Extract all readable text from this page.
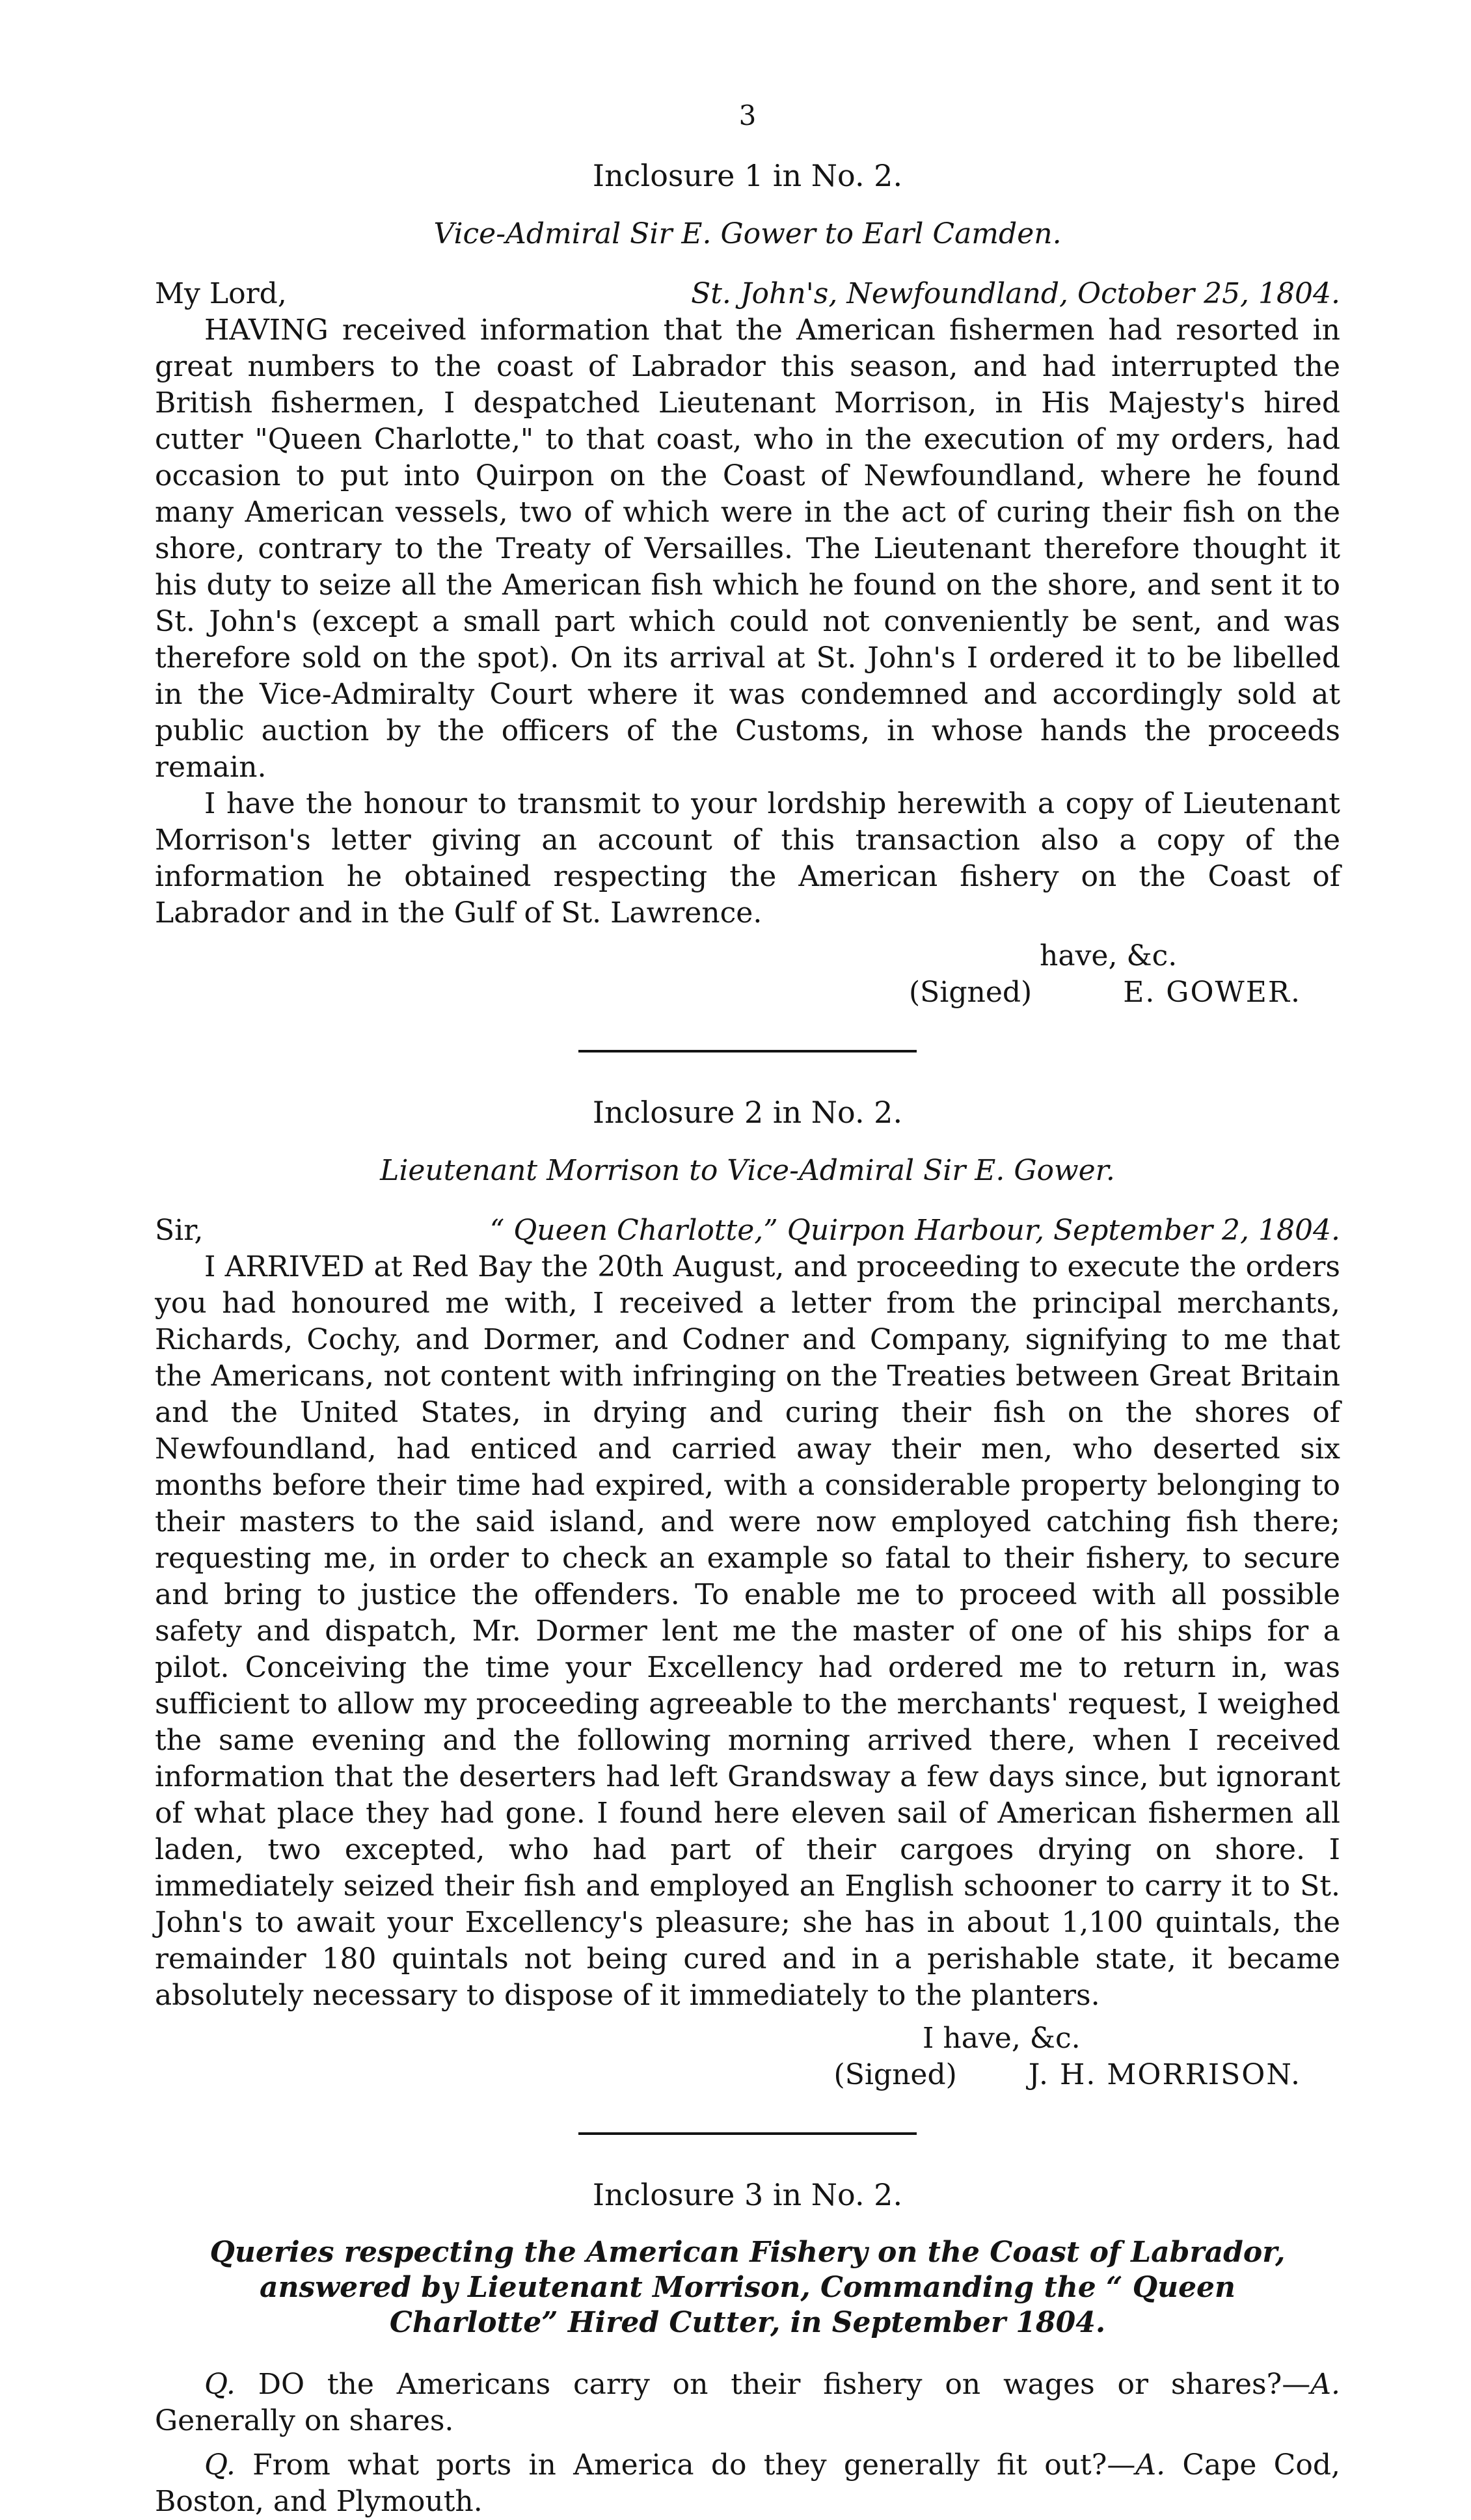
3
Inclosure 1 in No. 2.
Vice-Admiral Sir E. Gower to Earl Camden.
My Lord,	St. John's, Newfoundland, October 25, 1804.

HAVING received information that the American fishermen had resorted in great numbers to the coast of Labrador this season, and had interrupted the British fishermen, I despatched Lieutenant Morrison, in His Majesty's hired cutter "Queen Charlotte," to that coast, who in the execution of my orders, had occasion to put into Quirpon on the Coast of Newfoundland, where he found many American vessels, two of which were in the act of curing their fish on the shore, contrary to the Treaty of Versailles. The Lieutenant therefore thought it his duty to seize all the American fish which he found on the shore, and sent it to St. John's (except a small part which could not conveniently be sent, and was therefore sold on the spot). On its arrival at St. John's I ordered it to be libelled in the Vice-Admiralty Court where it was condemned and accordingly sold at public auction by the officers of the Customs, in whose hands the proceeds remain.

I have the honour to transmit to your lordship herewith a copy of Lieutenant Morrison's letter giving an account of this transaction also a copy of the information he obtained respecting the American fishery on the Coast of Labrador and in the Gulf of St. Lawrence.

have, &c.
(Signed)	E. GOWER.
Inclosure 2 in No. 2.
Lieutenant Morrison to Vice-Admiral Sir E. Gower.
Sir,	“ Queen Charlotte,” Quirpon Harbour, September 2, 1804.

I ARRIVED at Red Bay the 20th August, and proceeding to execute the orders you had honoured me with, I received a letter from the principal merchants, Richards, Cochy, and Dormer, and Codner and Company, signifying to me that the Americans, not content with infringing on the Treaties between Great Britain and the United States, in drying and curing their fish on the shores of Newfoundland, had enticed and carried away their men, who deserted six months before their time had expired, with a considerable property belonging to their masters to the said island, and were now employed catching fish there; requesting me, in order to check an example so fatal to their fishery, to secure and bring to justice the offenders. To enable me to proceed with all possible safety and dispatch, Mr. Dormer lent me the master of one of his ships for a pilot. Conceiving the time your Excellency had ordered me to return in, was sufficient to allow my proceeding agreeable to the merchants' request, I weighed the same evening and the following morning arrived there, when I received information that the deserters had left Grandsway a few days since, but ignorant of what place they had gone. I found here eleven sail of American fishermen all laden, two excepted, who had part of their cargoes drying on shore. I immediately seized their fish and employed an English schooner to carry it to St. John's to await your Excellency's pleasure; she has in about 1,100 quintals, the remainder 180 quintals not being cured and in a perishable state, it became absolutely necessary to dispose of it immediately to the planters.

I have, &c.
(Signed)	J. H. MORRISON.
Inclosure 3 in No. 2.
Queries respecting the American Fishery on the Coast of Labrador, answered by Lieutenant Morrison, Commanding the “ Queen Charlotte” Hired Cutter, in September 1804.

Q. DO the Americans carry on their fishery on wages or shares?—A. Generally on shares.

Q. From what ports in America do they generally fit out?—A. Cape Cod, Boston, and Plymouth.
